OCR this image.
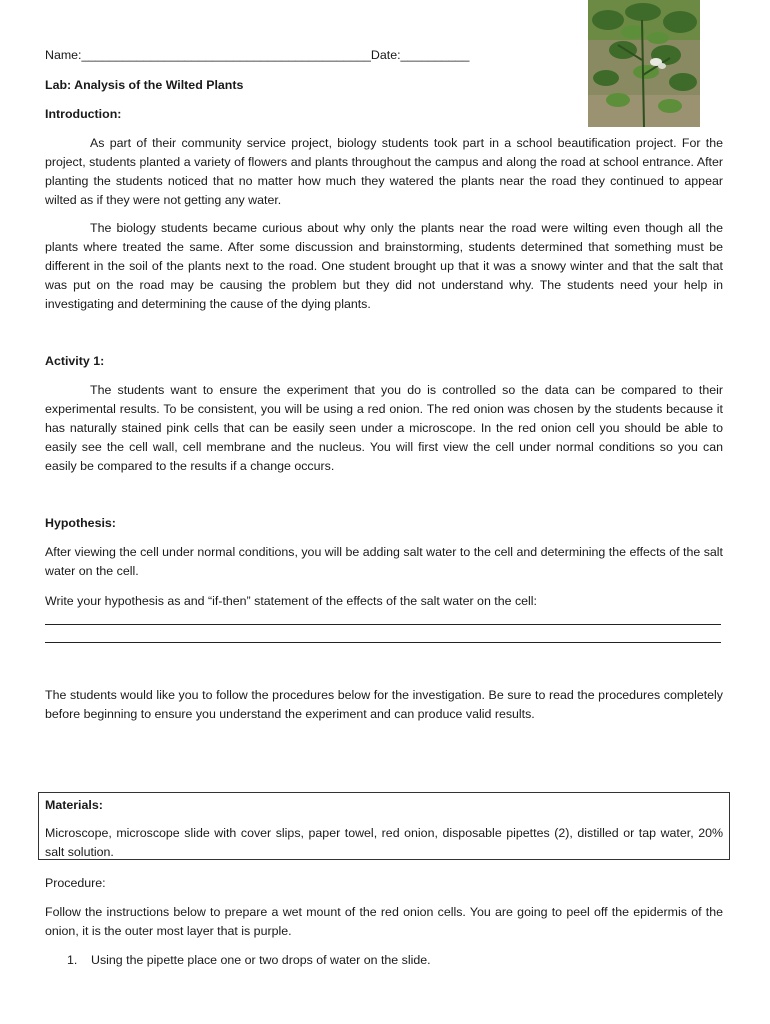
Name:__________________________________________Date:__________
Lab: Analysis of the Wilted Plants
Introduction:
As part of their community service project, biology students took part in a school beautification project. For the project, students planted a variety of flowers and plants throughout the campus and along the road at school entrance. After planting the students noticed that no matter how much they watered the plants near the road they continued to appear wilted as if they were not getting any water.
The biology students became curious about why only the plants near the road were wilting even though all the plants where treated the same. After some discussion and brainstorming, students determined that something must be different in the soil of the plants next to the road. One student brought up that it was a snowy winter and that the salt that was put on the road may be causing the problem but they did not understand why. The students need your help in investigating and determining the cause of the dying plants.
Activity 1:
The students want to ensure the experiment that you do is controlled so the data can be compared to their experimental results. To be consistent, you will be using a red onion. The red onion was chosen by the students because it has naturally stained pink cells that can be easily seen under a microscope. In the red onion cell you should be able to easily see the cell wall, cell membrane and the nucleus. You will first view the cell under normal conditions so you can easily be compared to the results if a change occurs.
Hypothesis:
After viewing the cell under normal conditions, you will be adding salt water to the cell and determining the effects of the salt water on the cell.
Write your hypothesis as and “if-then” statement of the effects of the salt water on the cell:
The students would like you to follow the procedures below for the investigation. Be sure to read the procedures completely before beginning to ensure you understand the experiment and can produce valid results.
Materials:
Microscope, microscope slide with cover slips, paper towel, red onion, disposable pipettes (2), distilled or tap water, 20% salt solution.
Procedure:
Follow the instructions below to prepare a wet mount of the red onion cells. You are going to peel off the epidermis of the onion, it is the outer most layer that is purple.
1.	Using the pipette place one or two drops of water on the slide.
